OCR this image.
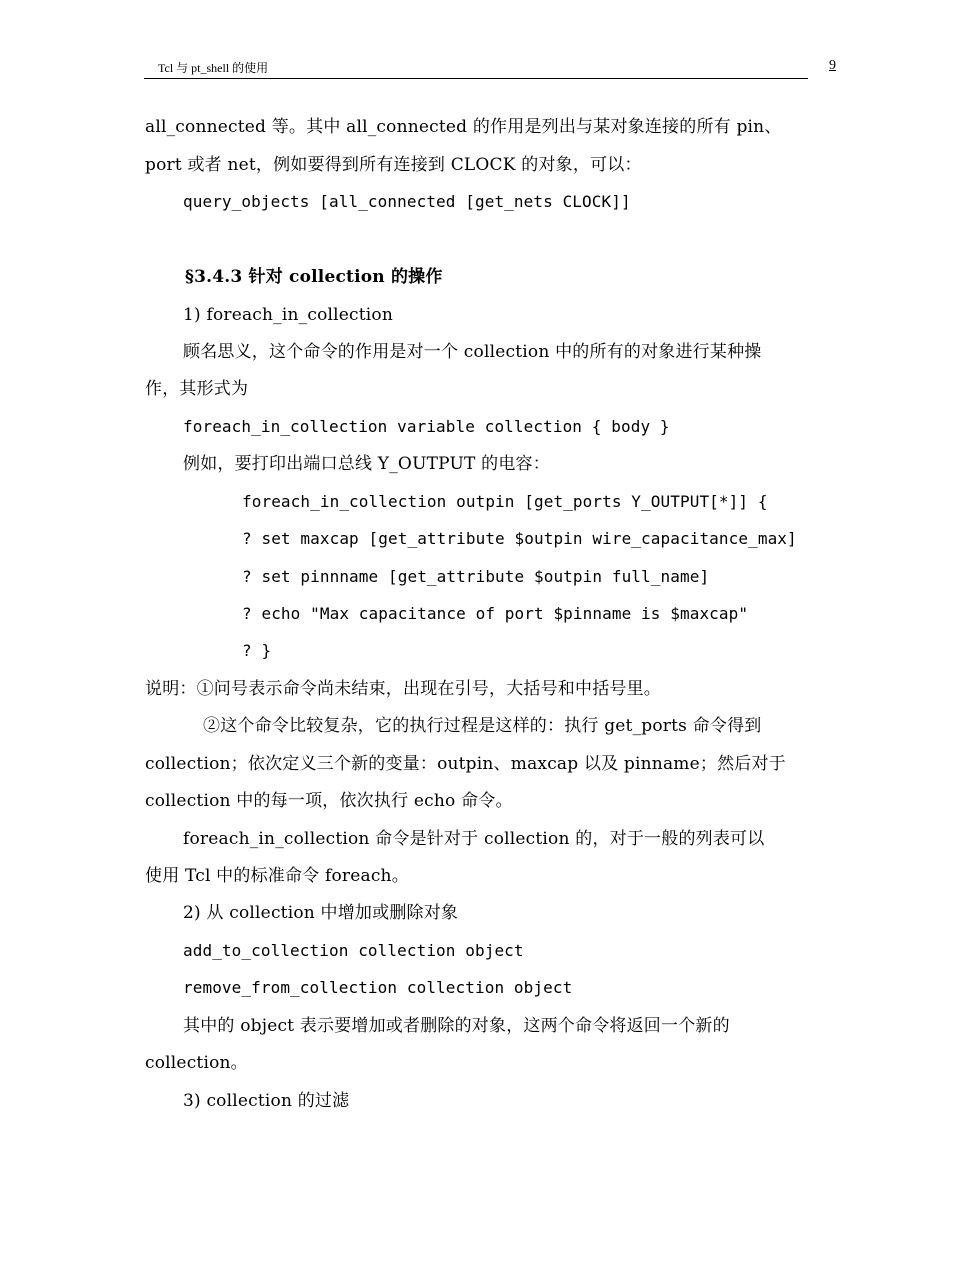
Tcl 与 pt_shell 的使用	9
all_connected 等。其中 all_connected 的作用是列出与某对象连接的所有 pin、
port 或者 net，例如要得到所有连接到 CLOCK 的对象，可以：
query_objects [all_connected [get_nets CLOCK]]
§3.4.3 针对 collection 的操作
1) foreach_in_collection
顾名思义，这个命令的作用是对一个 collection 中的所有的对象进行某种操
作，其形式为
foreach_in_collection variable collection { body }
例如，要打印出端口总线 Y_OUTPUT 的电容：
foreach_in_collection outpin [get_ports Y_OUTPUT[*]] {
? set maxcap [get_attribute $outpin wire_capacitance_max]
? set pinnname [get_attribute $outpin full_name]
? echo "Max capacitance of port $pinname is $maxcap"
? }
说明：①问号表示命令尚未结束，出现在引号，大括号和中括号里。
②这个命令比较复杂，它的执行过程是这样的：执行 get_ports 命令得到
collection；依次定义三个新的变量：outpin、maxcap 以及 pinname；然后对于
collection 中的每一项，依次执行 echo 命令。
foreach_in_collection 命令是针对于 collection 的，对于一般的列表可以
使用 Tcl 中的标准命令 foreach。
2) 从 collection 中增加或删除对象
add_to_collection collection object
remove_from_collection collection object
其中的 object 表示要增加或者删除的对象，这两个命令将返回一个新的
collection。
3) collection 的过滤
